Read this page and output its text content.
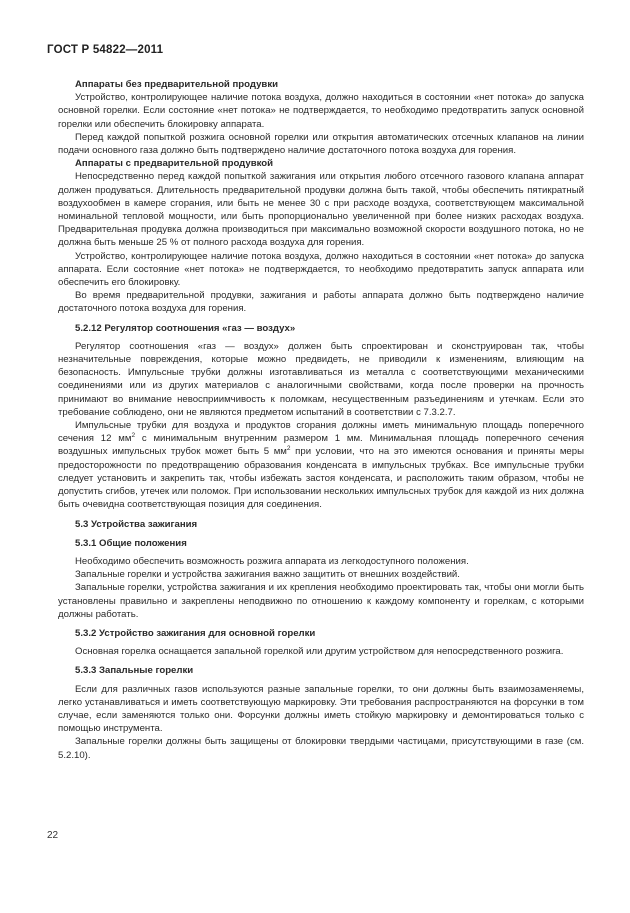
ГОСТ Р 54822—2011

Аппараты без предварительной продувки

Устройство, контролирующее наличие потока воздуха, должно находиться в состоянии «нет потока» до запуска основной горелки. Если состояние «нет потока» не подтверждается, то необходимо предотвратить запуск основной горелки или обеспечить блокировку аппарата.

Перед каждой попыткой розжига основной горелки или открытия автоматических отсечных клапанов на линии подачи основного газа должно быть подтверждено наличие достаточного потока воздуха для горения.

Аппараты с предварительной продувкой

Непосредственно перед каждой попыткой зажигания или открытия любого отсечного газового клапана аппарат должен продуваться. Длительность предварительной продувки должна быть такой, чтобы обеспечить пятикратный воздухообмен в камере сгорания, или быть не менее 30 с при расходе воздуха, соответствующем максимальной номинальной тепловой мощности, или быть пропорционально увеличенной при более низких расходах воздуха. Предварительная продувка должна производиться при максимально возможной скорости воздушного потока, но не должна быть меньше 25 % от полного расхода воздуха для горения.

Устройство, контролирующее наличие потока воздуха, должно находиться в состоянии «нет потока» до запуска аппарата. Если состояние «нет потока» не подтверждается, то необходимо предотвратить запуск аппарата или обеспечить его блокировку.

Во время предварительной продувки, зажигания и работы аппарата должно быть подтверждено наличие достаточного потока воздуха для горения.

5.2.12 Регулятор соотношения «газ — воздух»

Регулятор соотношения «газ — воздух» должен быть спроектирован и сконструирован так, чтобы незначительные повреждения, которые можно предвидеть, не приводили к изменениям, влияющим на безопасность. Импульсные трубки должны изготавливаться из металла с соответствующими механическими соединениями или из других материалов с аналогичными свойствами, когда после проверки на прочность принимают во внимание невосприимчивость к поломкам, несущественным разъединениям и утечкам. Если это требование соблюдено, они не являются предметом испытаний в соответствии с 7.3.2.7.

Импульсные трубки для воздуха и продуктов сгорания должны иметь минимальную площадь поперечного сечения 12 $мм^2$ с минимальным внутренним размером 1 мм. Минимальная площадь поперечного сечения воздушных импульсных трубок может быть 5 $мм^2$ при условии, что на это имеются основания и приняты меры предосторожности по предотвращению образования конденсата в импульсных трубках. Все импульсные трубки следует установить и закрепить так, чтобы избежать застоя конденсата, и расположить таким образом, чтобы не допустить сгибов, утечек или поломок. При использовании нескольких импульсных трубок для каждой из них должна быть очевидна соответствующая позиция для соединения.

5.3 Устройства зажигания

5.3.1 Общие положения

Необходимо обеспечить возможность розжига аппарата из легкодоступного положения.

Запальные горелки и устройства зажигания важно защитить от внешних воздействий.

Запальные горелки, устройства зажигания и их крепления необходимо проектировать так, чтобы они могли быть установлены правильно и закреплены неподвижно по отношению к каждому компоненту и горелкам, с которыми должны работать.

5.3.2 Устройство зажигания для основной горелки

Основная горелка оснащается запальной горелкой или другим устройством для непосредственного розжига.

5.3.3 Запальные горелки

Если для различных газов используются разные запальные горелки, то они должны быть взаимозаменяемы, легко устанавливаться и иметь соответствующую маркировку. Эти требования распространяются на форсунки в том случае, если заменяются только они. Форсунки должны иметь стойкую маркировку и демонтироваться только с помощью инструмента.

Запальные горелки должны быть защищены от блокировки твердыми частицами, присутствующими в газе (см. 5.2.10).

22
